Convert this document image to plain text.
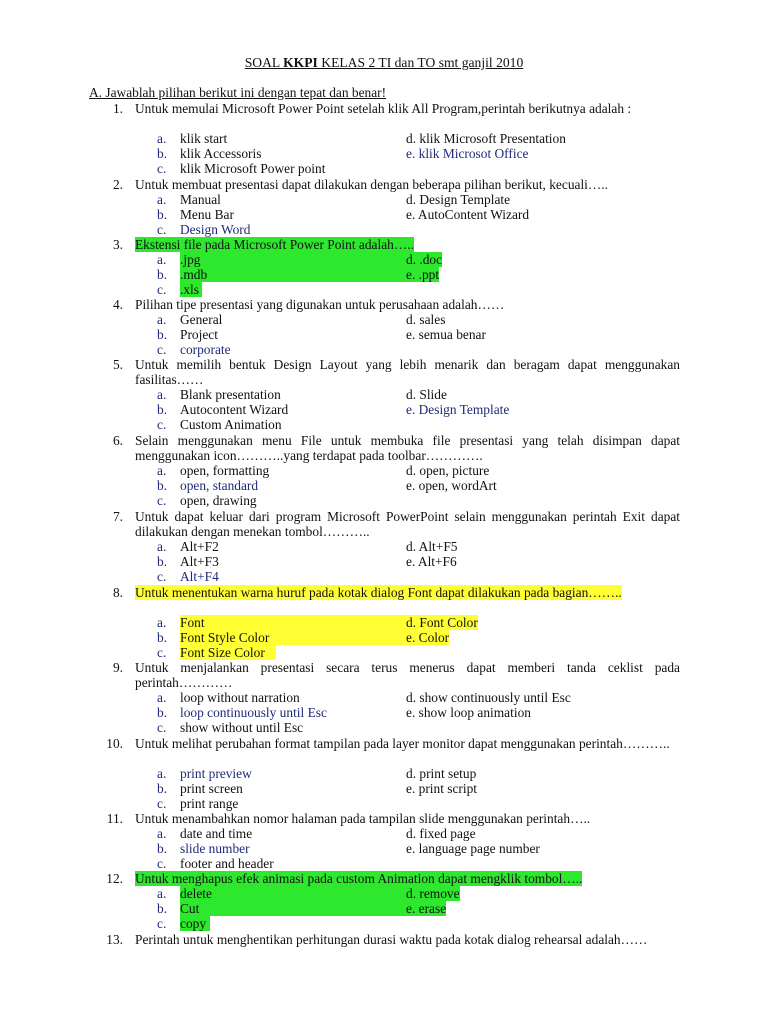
SOAL KKPI KELAS 2 TI dan TO smt ganjil 2010
A. Jawablah pilihan berikut ini dengan tepat dan benar!
1. Untuk memulai Microsoft Power Point setelah klik All Program,perintah berikutnya adalah :
a. klik start
b. klik Accessoris
c. klik Microsoft Power point
d. klik Microsoft Presentation
e. klik Microsot Office
2. Untuk membuat presentasi dapat dilakukan dengan beberapa pilihan berikut, kecuali…..
a. Manual
b. Menu Bar
c. Design Word
d. Design Template
e. AutoContent Wizard
3. Ekstensi file pada Microsoft Power Point adalah…..
a. .jpg
b. .mdb
c. .xls
d. .doc
e. .ppt
4. Pilihan tipe presentasi yang digunakan untuk perusahaan adalah……
a. General
b. Project
c. corporate
d. sales
e. semua benar
5. Untuk memilih bentuk Design Layout yang lebih menarik dan beragam dapat menggunakan fasilitas……
a. Blank presentation
b. Autocontent Wizard
c. Custom Animation
d. Slide
e. Design Template
6. Selain menggunakan menu File untuk membuka file presentasi yang telah disimpan dapat menggunakan icon………..yang terdapat pada toolbar………….
a. open, formatting
b. open, standard
c. open, drawing
d. open, picture
e. open, wordArt
7. Untuk dapat keluar dari program Microsoft PowerPoint selain menggunakan perintah Exit dapat dilakukan dengan menekan tombol………..
a. Alt+F2
b. Alt+F3
c. Alt+F4
d. Alt+F5
e. Alt+F6
8. Untuk menentukan warna huruf pada kotak dialog Font dapat dilakukan pada bagian……..
a. Font
b. Font Style Color
c. Font Size Color
d. Font Color
e. Color
9. Untuk menjalankan presentasi secara terus menerus dapat memberi tanda ceklist pada perintah…………
a. loop without narration
b. loop continuously until Esc
c. show without until Esc
d. show continuously until Esc
e. show loop animation
10. Untuk melihat perubahan format tampilan pada layer monitor dapat menggunakan perintah………..
a. print preview
b. print screen
c. print range
d. print setup
e. print script
11. Untuk menambahkan nomor halaman pada tampilan slide menggunakan perintah…..
a. date and time
b. slide number
c. footer and header
d. fixed page
e. language page number
12. Untuk menghapus efek animasi pada custom Animation dapat mengklik tombol…..
a. delete
b. Cut
c. copy
d. remove
e. erase
13. Perintah untuk menghentikan perhitungan durasi waktu pada kotak dialog rehearsal adalah……
